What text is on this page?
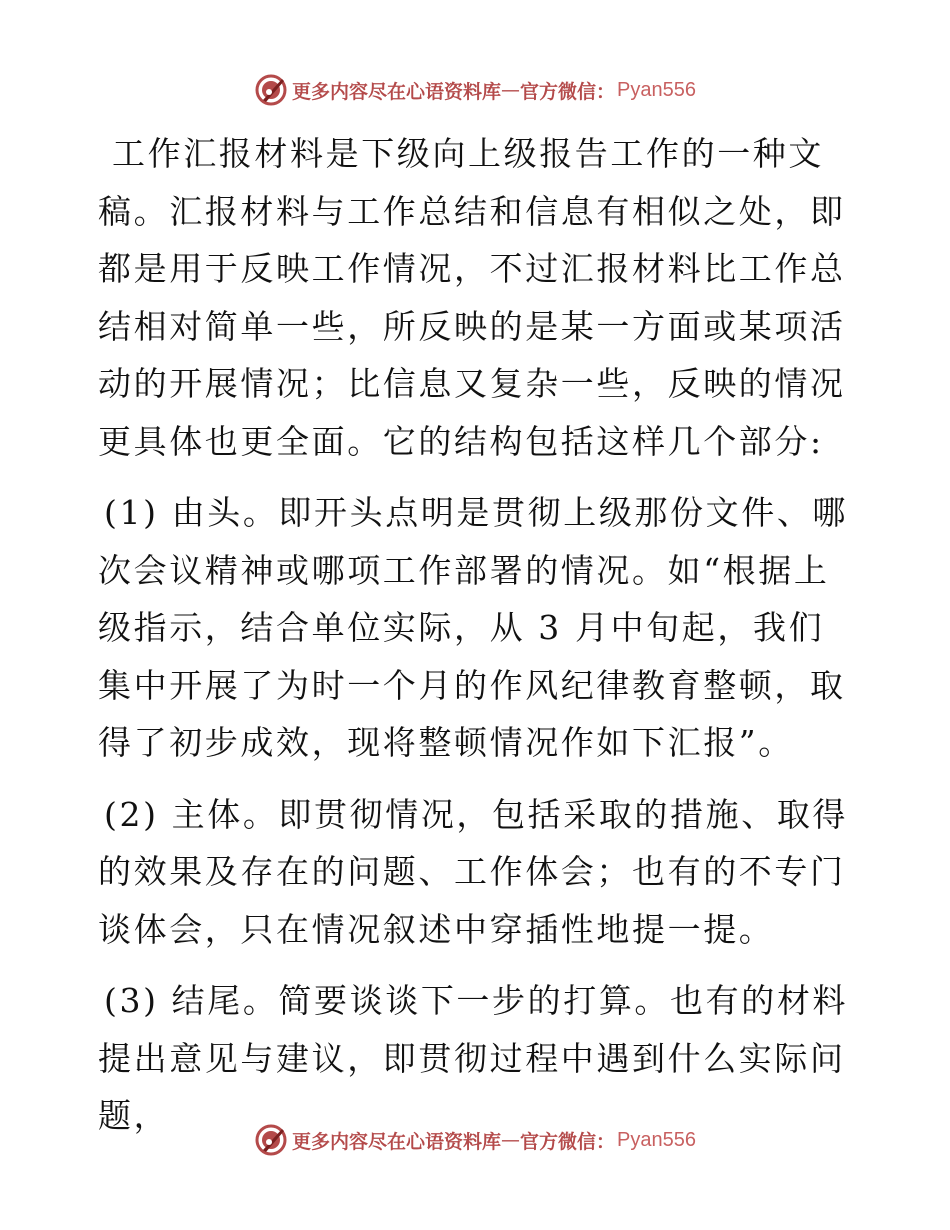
更多内容尽在心语资料库 — 官方微信： Pyan556

工作汇报材料是下级向上级报告工作的一种文稿。汇报材料与工作总结和信息有相似之处，即都是用于反映工作情况，不过汇报材料比工作总结相对简单一些，所反映的是某一方面或某项活动的开展情况；比信息又复杂一些，反映的情况更具体也更全面。它的结构包括这样几个部分:

(1) 由头。即开头点明是贯彻上级那份文件、哪次会议精神或哪项工作部署的情况。如“根据上级指示，结合单位实际，从 3 月中旬起，我们集中开展了为时一个月的作风纪律教育整顿，取得了初步成效，现将整顿情况作如下汇报”。

(2) 主体。即贯彻情况，包括采取的措施、取得的效果及存在的问题、工作体会；也有的不专门谈体会，只在情况叙述中穿插性地提一提。

(3) 结尾。简要谈谈下一步的打算。也有的材料提出意见与建议，即贯彻过程中遇到什么实际问题，

更多内容尽在心语资料库 — 官方微信： Pyan556
